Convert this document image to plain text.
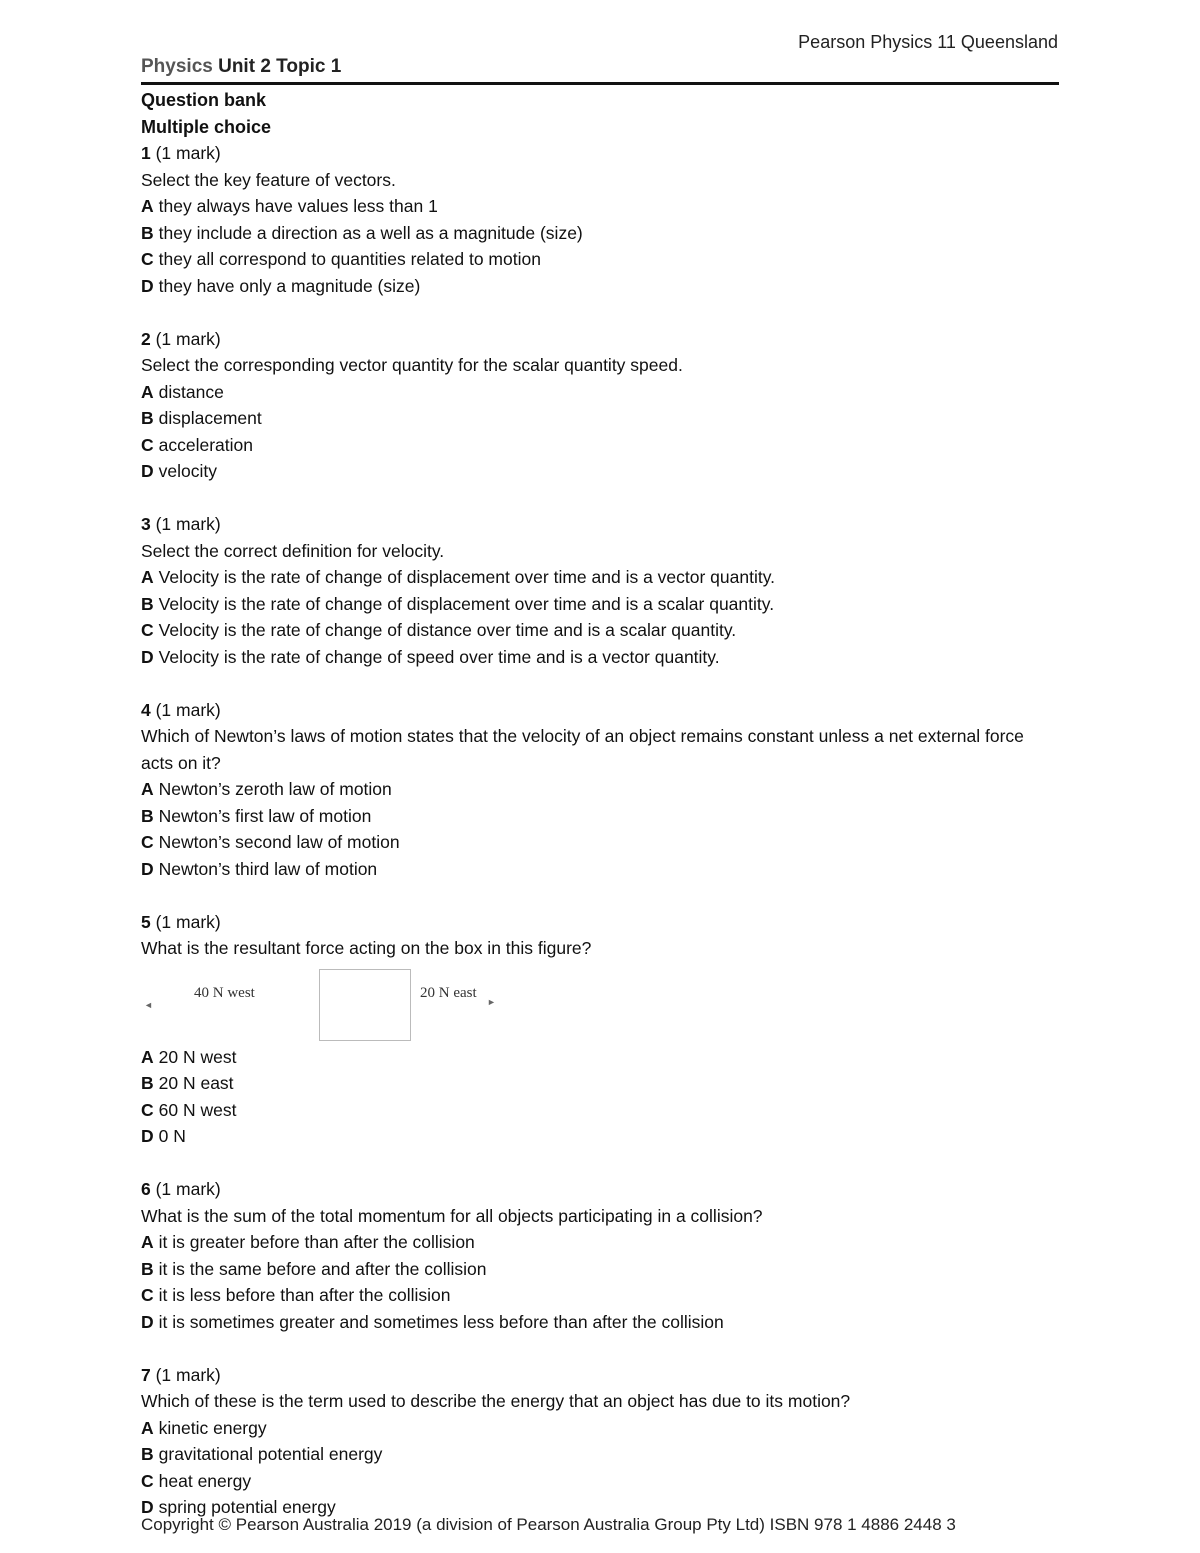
Pearson Physics 11 Queensland
Physics Unit 2 Topic 1
Question bank
Multiple choice
1 (1 mark)
Select the key feature of vectors.
A they always have values less than 1
B they include a direction as a well as a magnitude (size)
C they all correspond to quantities related to motion
D they have only a magnitude (size)
2 (1 mark)
Select the corresponding vector quantity for the scalar quantity speed.
A distance
B displacement
C acceleration
D velocity
3 (1 mark)
Select the correct definition for velocity.
A Velocity is the rate of change of displacement over time and is a vector quantity.
B Velocity is the rate of change of displacement over time and is a scalar quantity.
C Velocity is the rate of change of distance over time and is a scalar quantity.
D Velocity is the rate of change of speed over time and is a vector quantity.
4 (1 mark)
Which of Newton’s laws of motion states that the velocity of an object remains constant unless a net external force acts on it?
A Newton’s zeroth law of motion
B Newton’s first law of motion
C Newton’s second law of motion
D Newton’s third law of motion
5 (1 mark)
What is the resultant force acting on the box in this figure?
◄
40 N west	20 N east
►
A 20 N west
B 20 N east
C 60 N west
D 0 N
6 (1 mark)
What is the sum of the total momentum for all objects participating in a collision?
A it is greater before than after the collision
B it is the same before and after the collision
C it is less before than after the collision
D it is sometimes greater and sometimes less before than after the collision
7 (1 mark)
Which of these is the term used to describe the energy that an object has due to its motion?
A kinetic energy
B gravitational potential energy
C heat energy
D spring potential energy
Copyright © Pearson Australia 2019 (a division of Pearson Australia Group Pty Ltd) ISBN 978 1 4886 2448 3
